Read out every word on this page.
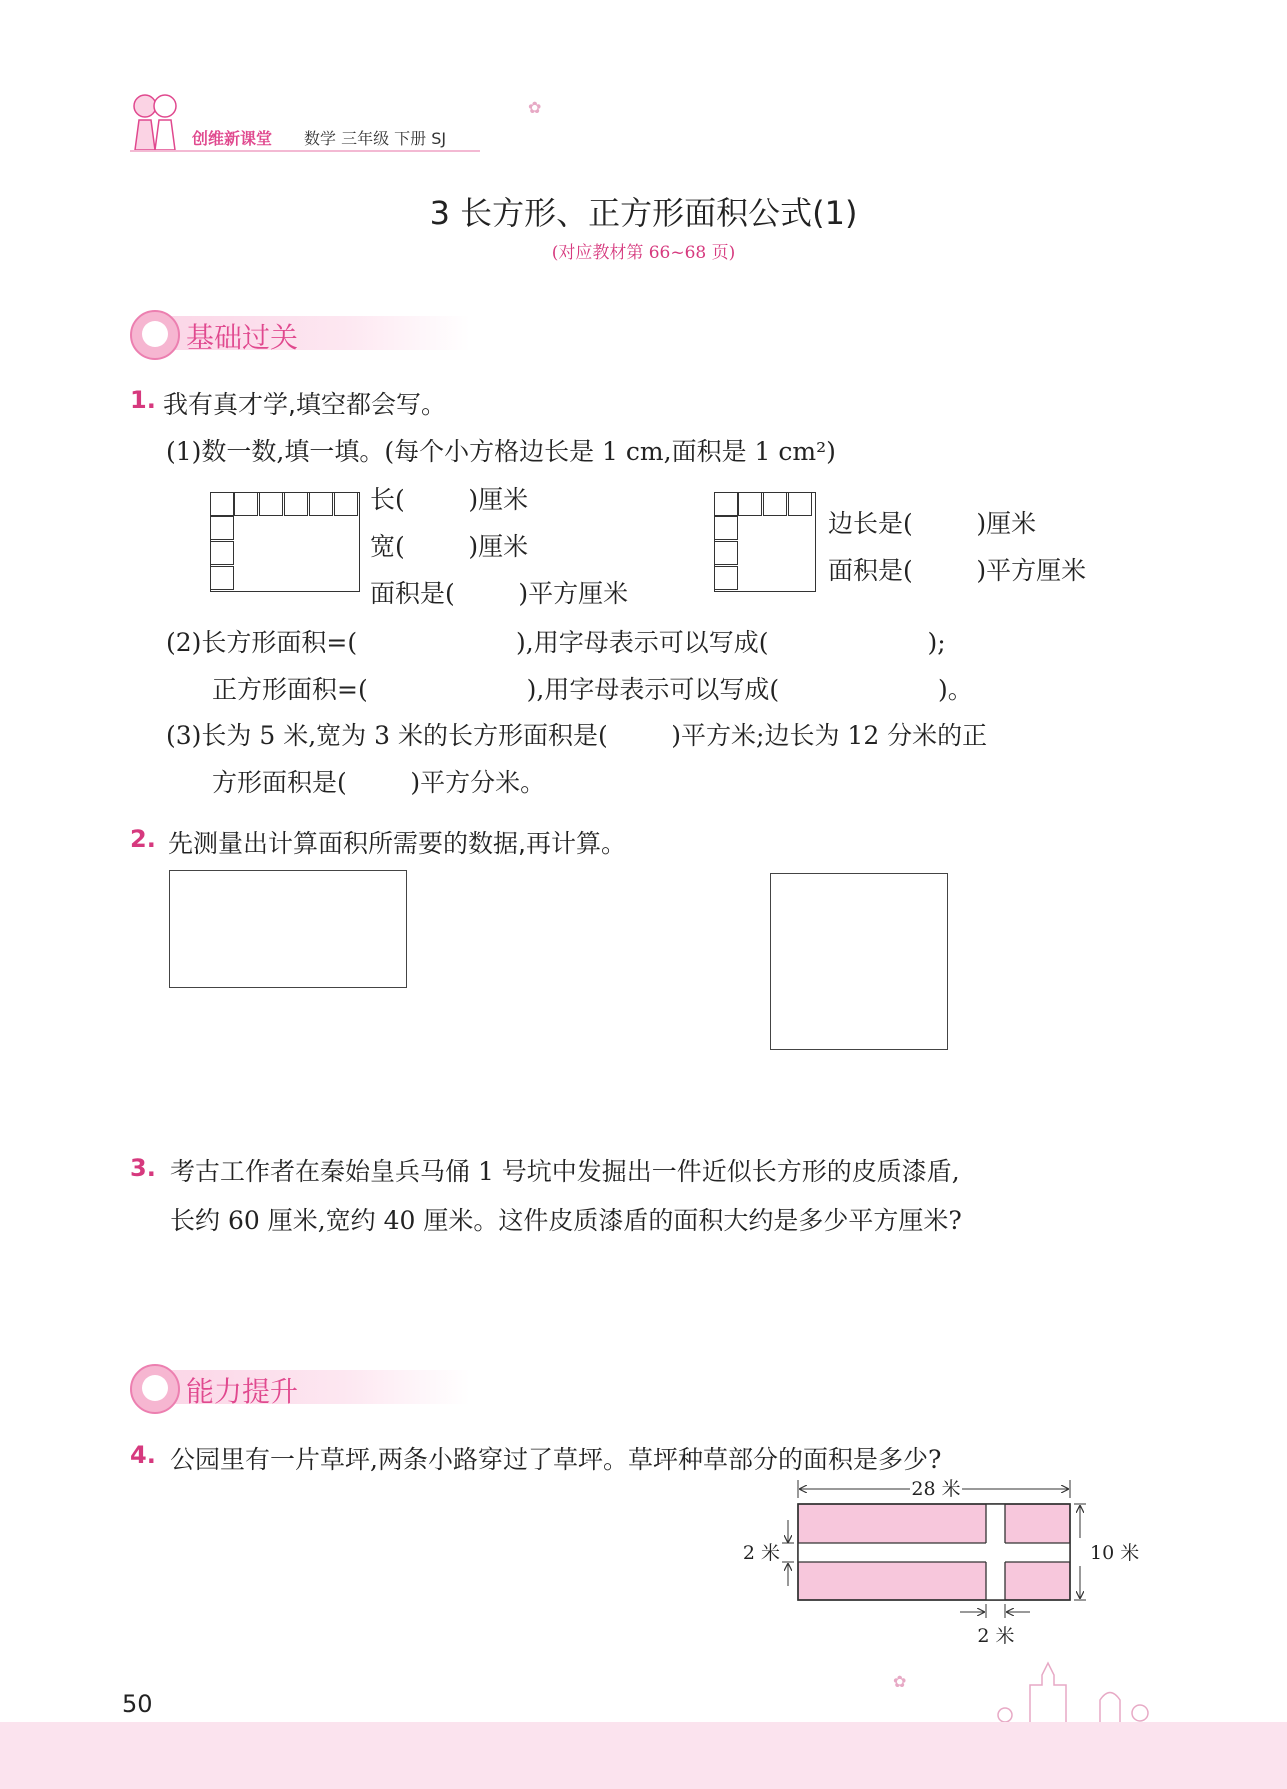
创维新课堂 数学 三年级 下册 SJ
✿
3 长方形、正方形面积公式(1)
(对应教材第 66~68 页)
基础过关
1. 我有真才学,填空都会写。
(1)数一数,填一填。(每个小方格边长是 1 cm,面积是 1 cm²)
长(        )厘米
宽(        )厘米
面积是(        )平方厘米
边长是(        )厘米
面积是(        )平方厘米
(2)长方形面积=(                    ),用字母表示可以写成(                    );
正方形面积=(                    ),用字母表示可以写成(                    )。
(3)长为 5 米,宽为 3 米的长方形面积是(        )平方米;边长为 12 分米的正
方形面积是(        )平方分米。
2. 先测量出计算面积所需要的数据,再计算。
3. 考古工作者在秦始皇兵马俑 1 号坑中发掘出一件近似长方形的皮质漆盾,
长约 60 厘米,宽约 40 厘米。这件皮质漆盾的面积大约是多少平方厘米?
能力提升
4. 公园里有一片草坪,两条小路穿过了草坪。草坪种草部分的面积是多少?
28 米
10 米
2 米
2 米
✿
50
